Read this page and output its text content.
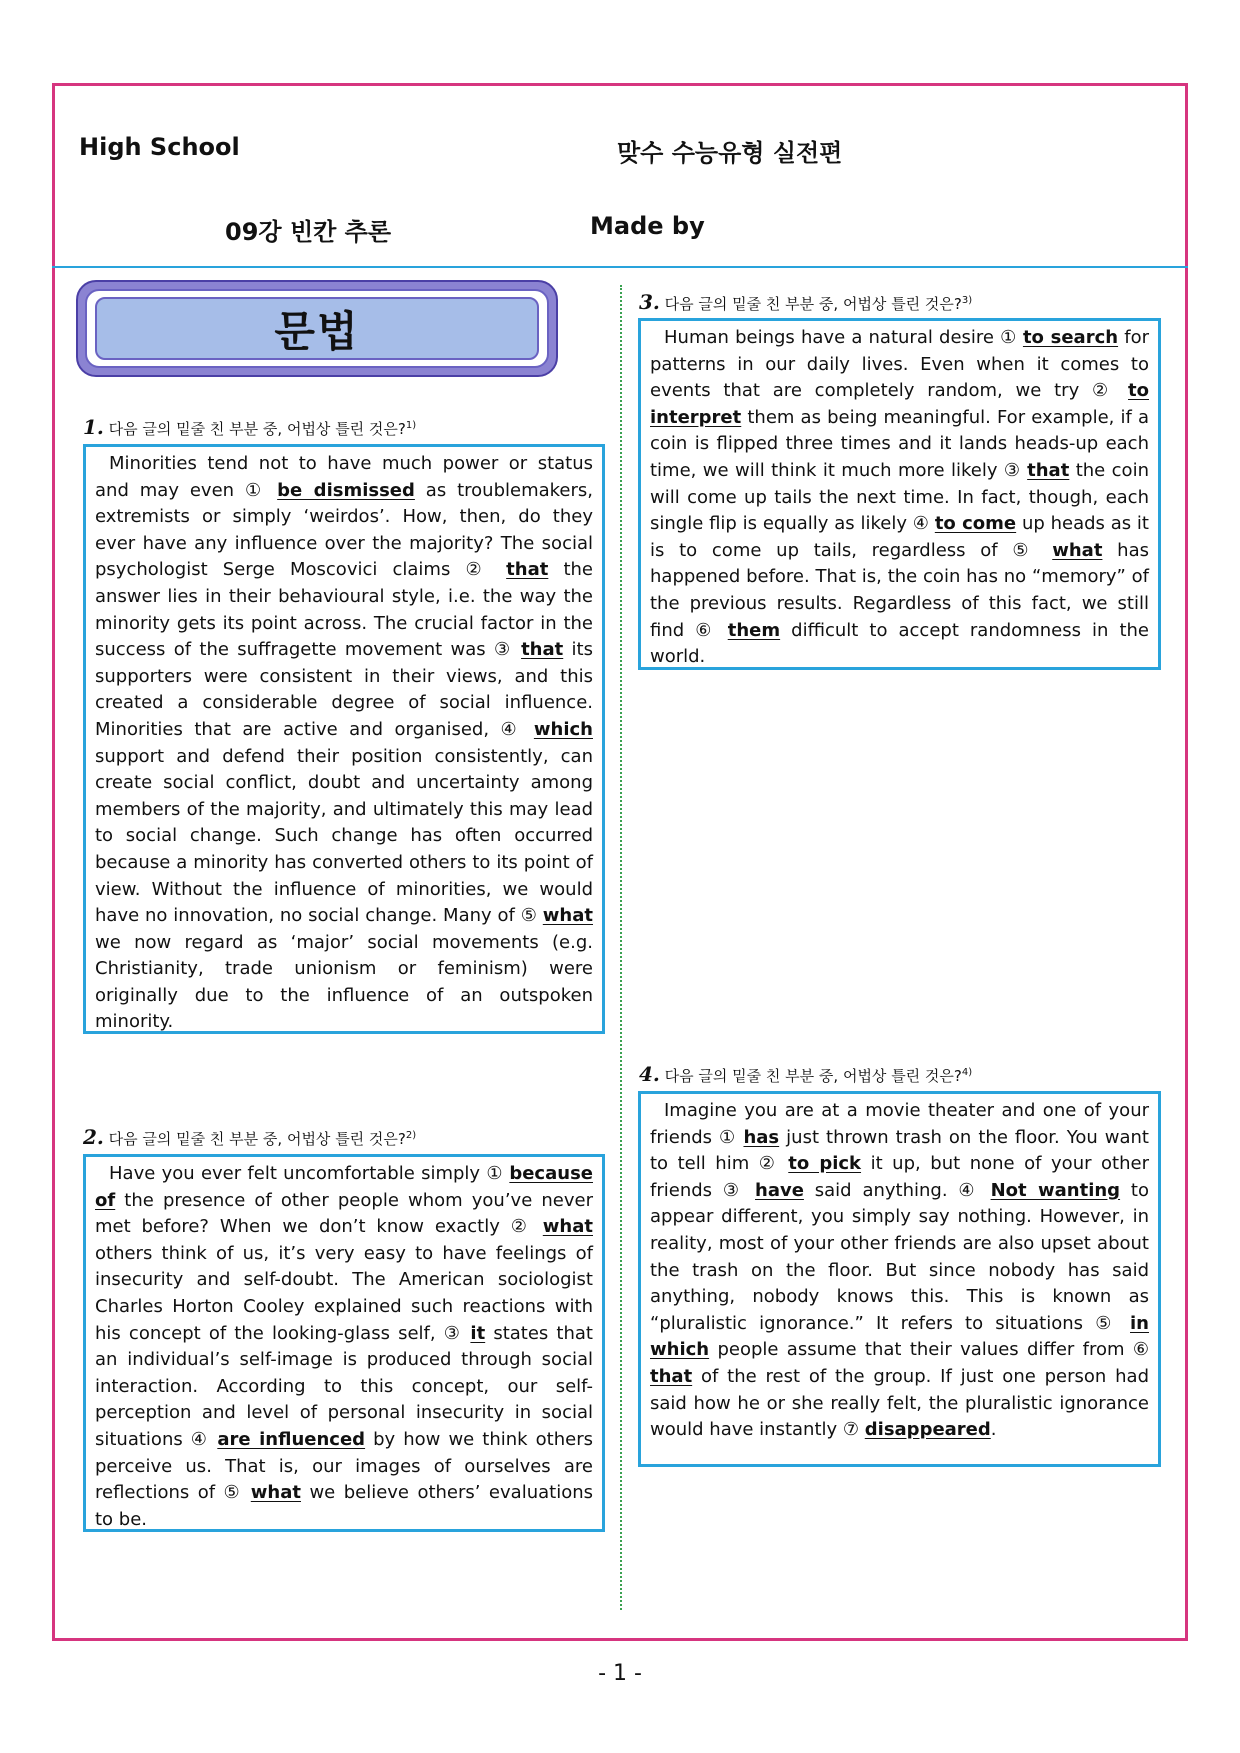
High School	맞수 수능유형 실전편
09강 빈칸 추론	Made by
문법
1. 다음 글의 밑줄 친 부분 중, 어법상 틀린 것은?$^{1)}$

Minorities tend not to have much power or status and may even ① be dismissed as troublemakers, extremists or simply ‘weirdos’. How, then, do they ever have any influence over the majority? The social psychologist Serge Moscovici claims ② that the answer lies in their behavioural style, i.e. the way the minority gets its point across. The crucial factor in the success of the suffragette movement was ③ that its supporters were consistent in their views, and this created a considerable degree of social influence. Minorities that are active and organised, ④ which support and defend their position consistently, can create social conflict, doubt and uncertainty among members of the majority, and ultimately this may lead to social change. Such change has often occurred because a minority has converted others to its point of view. Without the influence of minorities, we would have no innovation, no social change. Many of ⑤ what we now regard as ‘major’ social movements (e.g. Christianity, trade unionism or feminism) were originally due to the influence of an outspoken minority.

2. 다음 글의 밑줄 친 부분 중, 어법상 틀린 것은?$^{2)}$

Have you ever felt uncomfortable simply ① because of the presence of other people whom you’ve never met before? When we don’t know exactly ② what others think of us, it’s very easy to have feelings of insecurity and self-doubt. The American sociologist Charles Horton Cooley explained such reactions with his concept of the looking-glass self, ③ it states that an individual’s self-image is produced through social interaction. According to this concept, our self-perception and level of personal insecurity in social situations ④ are influenced by how we think others perceive us. That is, our images of ourselves are reflections of ⑤ what we believe others’ evaluations to be.

3. 다음 글의 밑줄 친 부분 중, 어법상 틀린 것은?$^{3)}$

Human beings have a natural desire ① to search for patterns in our daily lives. Even when it comes to events that are completely random, we try ② to interpret them as being meaningful. For example, if a coin is flipped three times and it lands heads-up each time, we will think it much more likely ③ that the coin will come up tails the next time. In fact, though, each single flip is equally as likely ④ to come up heads as it is to come up tails, regardless of ⑤ what has happened before. That is, the coin has no “memory” of the previous results. Regardless of this fact, we still find ⑥ them difficult to accept randomness in the world.

4. 다음 글의 밑줄 친 부분 중, 어법상 틀린 것은?$^{4)}$

Imagine you are at a movie theater and one of your friends ① has just thrown trash on the floor. You want to tell him ② to pick it up, but none of your other friends ③ have said anything. ④ Not wanting to appear different, you simply say nothing. However, in reality, most of your other friends are also upset about the trash on the floor. But since nobody has said anything, nobody knows this. This is known as “pluralistic ignorance.” It refers to situations ⑤ in which people assume that their values differ from ⑥ that of the rest of the group. If just one person had said how he or she really felt, the pluralistic ignorance would have instantly ⑦ disappeared.

- 1 -
